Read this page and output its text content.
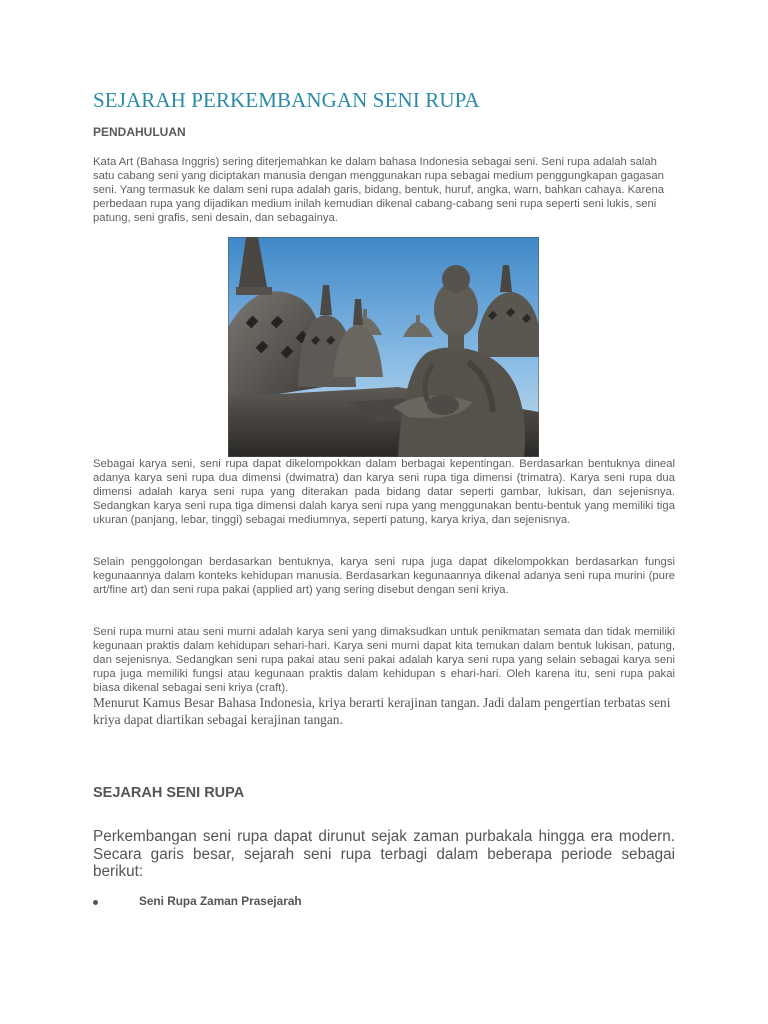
SEJARAH PERKEMBANGAN SENI RUPA
PENDAHULUAN

Kata Art (Bahasa Inggris) sering diterjemahkan ke dalam bahasa Indonesia sebagai seni. Seni rupa adalah salah satu cabang seni yang diciptakan manusia dengan menggunakan rupa sebagai medium penggungkapan gagasan seni. Yang termasuk ke dalam seni rupa adalah garis, bidang, bentuk, huruf, angka, warn, bahkan cahaya. Karena perbedaan rupa yang dijadikan medium inilah kemudian dikenal cabang-cabang seni rupa seperti seni lukis, seni patung, seni grafis, seni desain, dan sebagainya.

Sebagai karya seni, seni rupa dapat dikelompokkan dalam berbagai kepentingan. Berdasarkan bentuknya dineal adanya karya seni rupa dua dimensi (dwimatra) dan karya seni rupa tiga dimensi (trimatra). Karya seni rupa dua dimensi adalah karya seni rupa yang diterakan pada bidang datar seperti gambar, lukisan, dan sejenisnya. Sedangkan karya seni rupa tiga dimensi dalah karya seni rupa yang menggunakan bentu-bentuk yang memiliki tiga ukuran (panjang, lebar, tinggi) sebagai mediumnya, seperti patung, karya kriya, dan sejenisnya.

Selain penggolongan berdasarkan bentuknya, karya seni rupa juga dapat dikelompokkan berdasarkan fungsi kegunaannya dalam konteks kehidupan manusia. Berdasarkan kegunaannya dikenal adanya seni rupa murini (pure art/fine art) dan seni rupa pakai (applied art) yang sering disebut dengan seni kriya.

Seni rupa murni atau seni murni adalah karya seni yang dimaksudkan untuk penikmatan semata dan tidak memiliki kegunaan praktis dalam kehidupan sehari-hari. Karya seni murni dapat kita temukan dalam bentuk lukisan, patung, dan sejenisnya. Sedangkan seni rupa pakai atau seni pakai adalah karya seni rupa yang selain sebagai karya seni rupa juga memiliki fungsi atau kegunaan praktis dalam kehidupan s ehari-hari. Oleh karena itu, seni rupa pakai biasa dikenal sebagai seni kriya (craft).

Menurut Kamus Besar Bahasa Indonesia, kriya berarti kerajinan tangan. Jadi dalam pengertian terbatas seni kriya dapat diartikan sebagai kerajinan tangan.

SEJARAH SENI RUPA

Perkembangan seni rupa dapat dirunut sejak zaman purbakala hingga era modern. Secara garis besar, sejarah seni rupa terbagi dalam beberapa periode sebagai berikut:

Seni Rupa Zaman Prasejarah
